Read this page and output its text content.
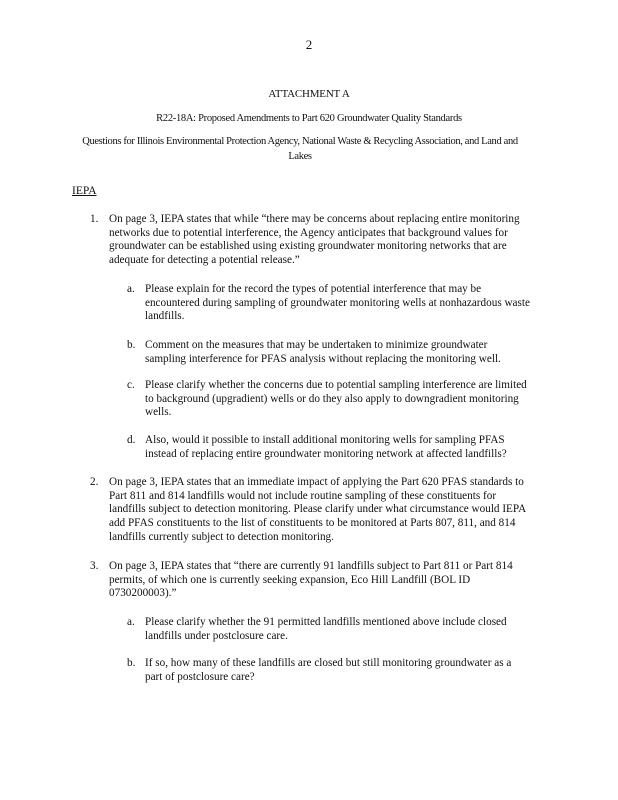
2
ATTACHMENT A
R22-18A: Proposed Amendments to Part 620 Groundwater Quality Standards
Questions for Illinois Environmental Protection Agency, National Waste & Recycling Association, and Land and Lakes
IEPA
1. On page 3, IEPA states that while “there may be concerns about replacing entire monitoring networks due to potential interference, the Agency anticipates that background values for groundwater can be established using existing groundwater monitoring networks that are adequate for detecting a potential release.”
a. Please explain for the record the types of potential interference that may be encountered during sampling of groundwater monitoring wells at nonhazardous waste landfills.
b. Comment on the measures that may be undertaken to minimize groundwater sampling interference for PFAS analysis without replacing the monitoring well.
c. Please clarify whether the concerns due to potential sampling interference are limited to background (upgradient) wells or do they also apply to downgradient monitoring wells.
d. Also, would it possible to install additional monitoring wells for sampling PFAS instead of replacing entire groundwater monitoring network at affected landfills?
2. On page 3, IEPA states that an immediate impact of applying the Part 620 PFAS standards to Part 811 and 814 landfills would not include routine sampling of these constituents for landfills subject to detection monitoring. Please clarify under what circumstance would IEPA add PFAS constituents to the list of constituents to be monitored at Parts 807, 811, and 814 landfills currently subject to detection monitoring.
3. On page 3, IEPA states that “there are currently 91 landfills subject to Part 811 or Part 814 permits, of which one is currently seeking expansion, Eco Hill Landfill (BOL ID 0730200003).”
a. Please clarify whether the 91 permitted landfills mentioned above include closed landfills under postclosure care.
b. If so, how many of these landfills are closed but still monitoring groundwater as a part of postclosure care?
